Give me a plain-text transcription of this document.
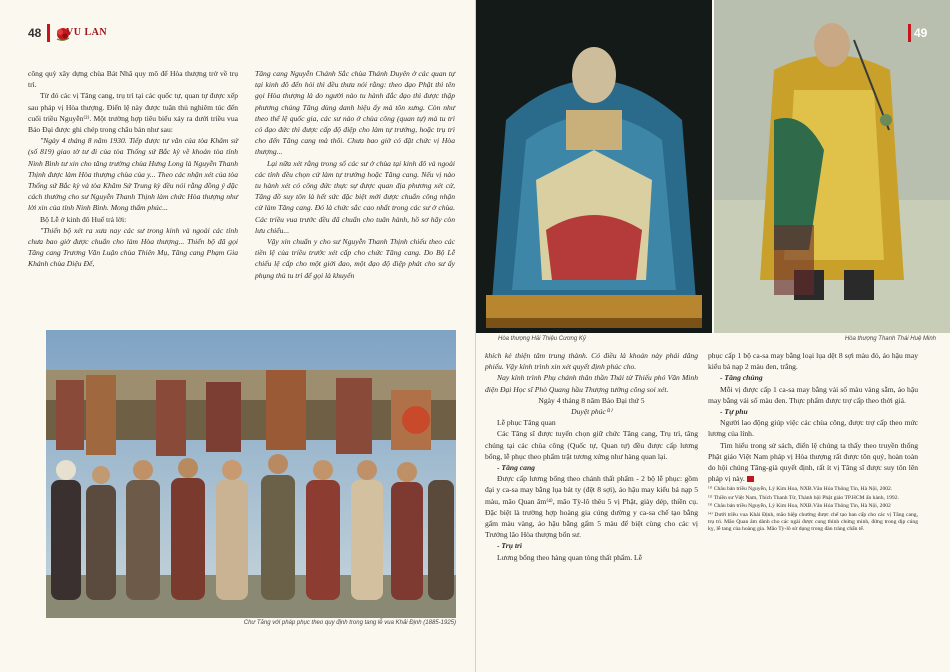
48 VU LAN

công quỳ xây dựng chùa Bát Nhã quy mô để Hòa thượng trở về trụ trì.

Từ đó các vị Tăng cang, trụ trì tại các quốc tự, quan tự được xếp sau pháp vị Hòa thượng. Điển lệ này được tuân thủ nghiêm túc đến cuối triều Nguyễn⁽²⁾. Một trường hợp tiêu biểu xảy ra dưới triều vua Bảo Đại được ghi chép trong châu bản như sau:

"Ngày 4 tháng 8 năm 1930. Tiếp được tư văn của tòa Khâm sứ (số 819) giao tờ tư đi của tòa Thống sứ Bắc kỳ về khoản tòa tỉnh Ninh Bình tư xin cho tăng trưởng chùa Hưng Long là Nguyễn Thanh Thịnh được làm Hòa thượng chùa của y... Theo các nhận xét của tòa Thống sứ Bắc kỳ và tòa Khâm Sứ Trung kỳ đều nói rằng đồng ý đặc cách thưởng cho sư Nguyễn Thanh Thịnh làm chức Hòa thượng như lời xin của tỉnh Ninh Bình. Mong thẩm phúc...

Bộ Lễ ở kinh đô Huế trả lời:

"Thiển bộ xét ra xưa nay các sư trong kinh và ngoài các tỉnh chưa bao giờ được chuẩn cho làm Hòa thượng... Thiển bộ đã gọi Tăng cang Trương Văn Luận chùa Thiên Mụ, Tăng cang Phạm Gia Khánh chùa Diệu Đế,

Tăng cang Nguyễn Chánh Sắc chùa Thánh Duyên ở các quan tự tại kinh đô đến hỏi thì đều thưa nói rằng: theo đạo Phật thì tên gọi Hòa thượng là do người nào tu hành đắc đạo thì được thập phương chúng Tăng dùng danh hiệu ấy mà tôn xưng. Còn như theo thể lệ quốc gia, các sư nào ở chùa công (quan tự) mà tu trì có đạo đức thì được cấp độ điệp cho làm tự trưởng, hoặc trụ trì cho đến Tăng cang mà thôi. Chưa bao giờ có đặt chức vị Hòa thượng...

Lại nữa xét rằng trong số các sư ở chùa tại kinh đô và ngoài các tỉnh đều chọn cử làm tự trưởng hoặc Tăng cang. Nếu vị nào tu hành xét có công đức thực sự được quan địa phương xét cử, Tăng đồ suy tôn là hết sức đặc biệt mới được chuẩn công nhận cử làm Tăng cang. Đó là chức sắc cao nhất trong các sư ở chùa. Các triều vua trước đều đã chuẩn cho tuân hành, hồ sơ hãy còn lưu chiểu...

Vậy xin chuẩn y cho sư Nguyễn Thanh Thịnh chiếu theo các tiền lệ của triều trước xét cấp cho chức Tăng cang. Do Bộ Lễ chiếu lệ cấp cho một giới đao, một đạo độ điệp phát cho sư ấy phụng thủ tu trì để gọi là khuyến

Chư Tăng với pháp phục theo quy định trong tang lễ vua Khải Định (1885-1925)
Hòa thượng Hải Thiệu Cương Kỷ
49
Hòa thượng Thanh Thái Huệ Minh

khích kẻ thiện tâm trung thành. Có điều là khoản này phải dâng phiếu. Vậy kính trình xin xét quyết định phúc cho.

Nay kính trình Phụ chánh thân thần Thái tử Thiếu phó Văn Minh điện Đại Học sĩ Phò Quang hầu Thượng tường công soi xét.

Ngày 4 tháng 8 năm Bảo Đại thứ 5

Duyệt phúc⁽³⁾

Lễ phục Tăng quan

Các Tăng sĩ được tuyển chọn giữ chức Tăng cang, Trụ trì, tăng chúng tại các chùa công (Quốc tự, Quan tự) đều được cấp lương bổng, lễ phục theo phẩm trật tương xứng như hàng quan lại.

- Tăng cang

Được cấp lương bổng theo chánh thất phẩm - 2 bộ lễ phục: gồm đại y ca-sa may bằng lụa bát ty (đệt 8 sợi), áo hậu may kiểu bá nạp 5 màu, mão Quan âm⁽⁴⁾, mão Tỳ-lô thêu 5 vị Phật, giày dép, thiền cụ. Đặc biệt là trường hợp hoàng gia cúng dường y ca-sa chế tạo bằng gấm màu vàng, áo hậu bằng gấm 5 màu để biệt cùng cho các vị Trưởng lão Hòa thượng bổn sư.

- Trụ trì

Lương bổng theo hàng quan tòng thất phẩm. Lễ

phục cấp 1 bộ ca-sa may bằng loại lụa dệt 8 sợi màu đỏ, áo hậu may kiểu bá nạp 2 màu đen, trắng.

- Tăng chúng

Mỗi vị được cấp 1 ca-sa may bằng vải số màu vàng sẫm, áo hậu may bằng vải số màu đen. Thực phẩm được trợ cấp theo thời giá.

- Tự phu

Người lao động giúp việc các chùa công, được trợ cấp theo mức lương của lính.

Tìm hiểu trong sử sách, điển lệ chúng ta thấy theo truyền thống Phật giáo Việt Nam pháp vị Hòa thượng rất được tôn quý, hoàn toàn do hội chúng Tăng-già quyết định, rất ít vị Tăng sĩ được suy tôn lên pháp vị này.

⁽¹⁾ Châu bản triều Nguyễn, Lý Kim Hoa, NXB.Văn Hóa Thông Tin, Hà Nội, 2002.

⁽²⁾ Thiền sư Việt Nam, Thích Thanh Từ, Thành hội Phật giáo TP.HCM ấn hành, 1992.

⁽³⁾ Châu bản triều Nguyễn, Lý Kim Hoa, NXB.Văn Hóa Thông Tin, Hà Nội, 2002

⁽⁴⁾ Dưới triều vua Khải Định, mão hiệp chưởng được chế tạo ban cấp cho các vị Tăng cang, trụ trì. Mão Quan âm dành cho các ngài được cung thỉnh chứng minh, đứng trong dịp cúng kỵ, lễ tang của hoàng gia. Mão Tỳ-lô sử dụng trong đàn tràng chẩn tế.
